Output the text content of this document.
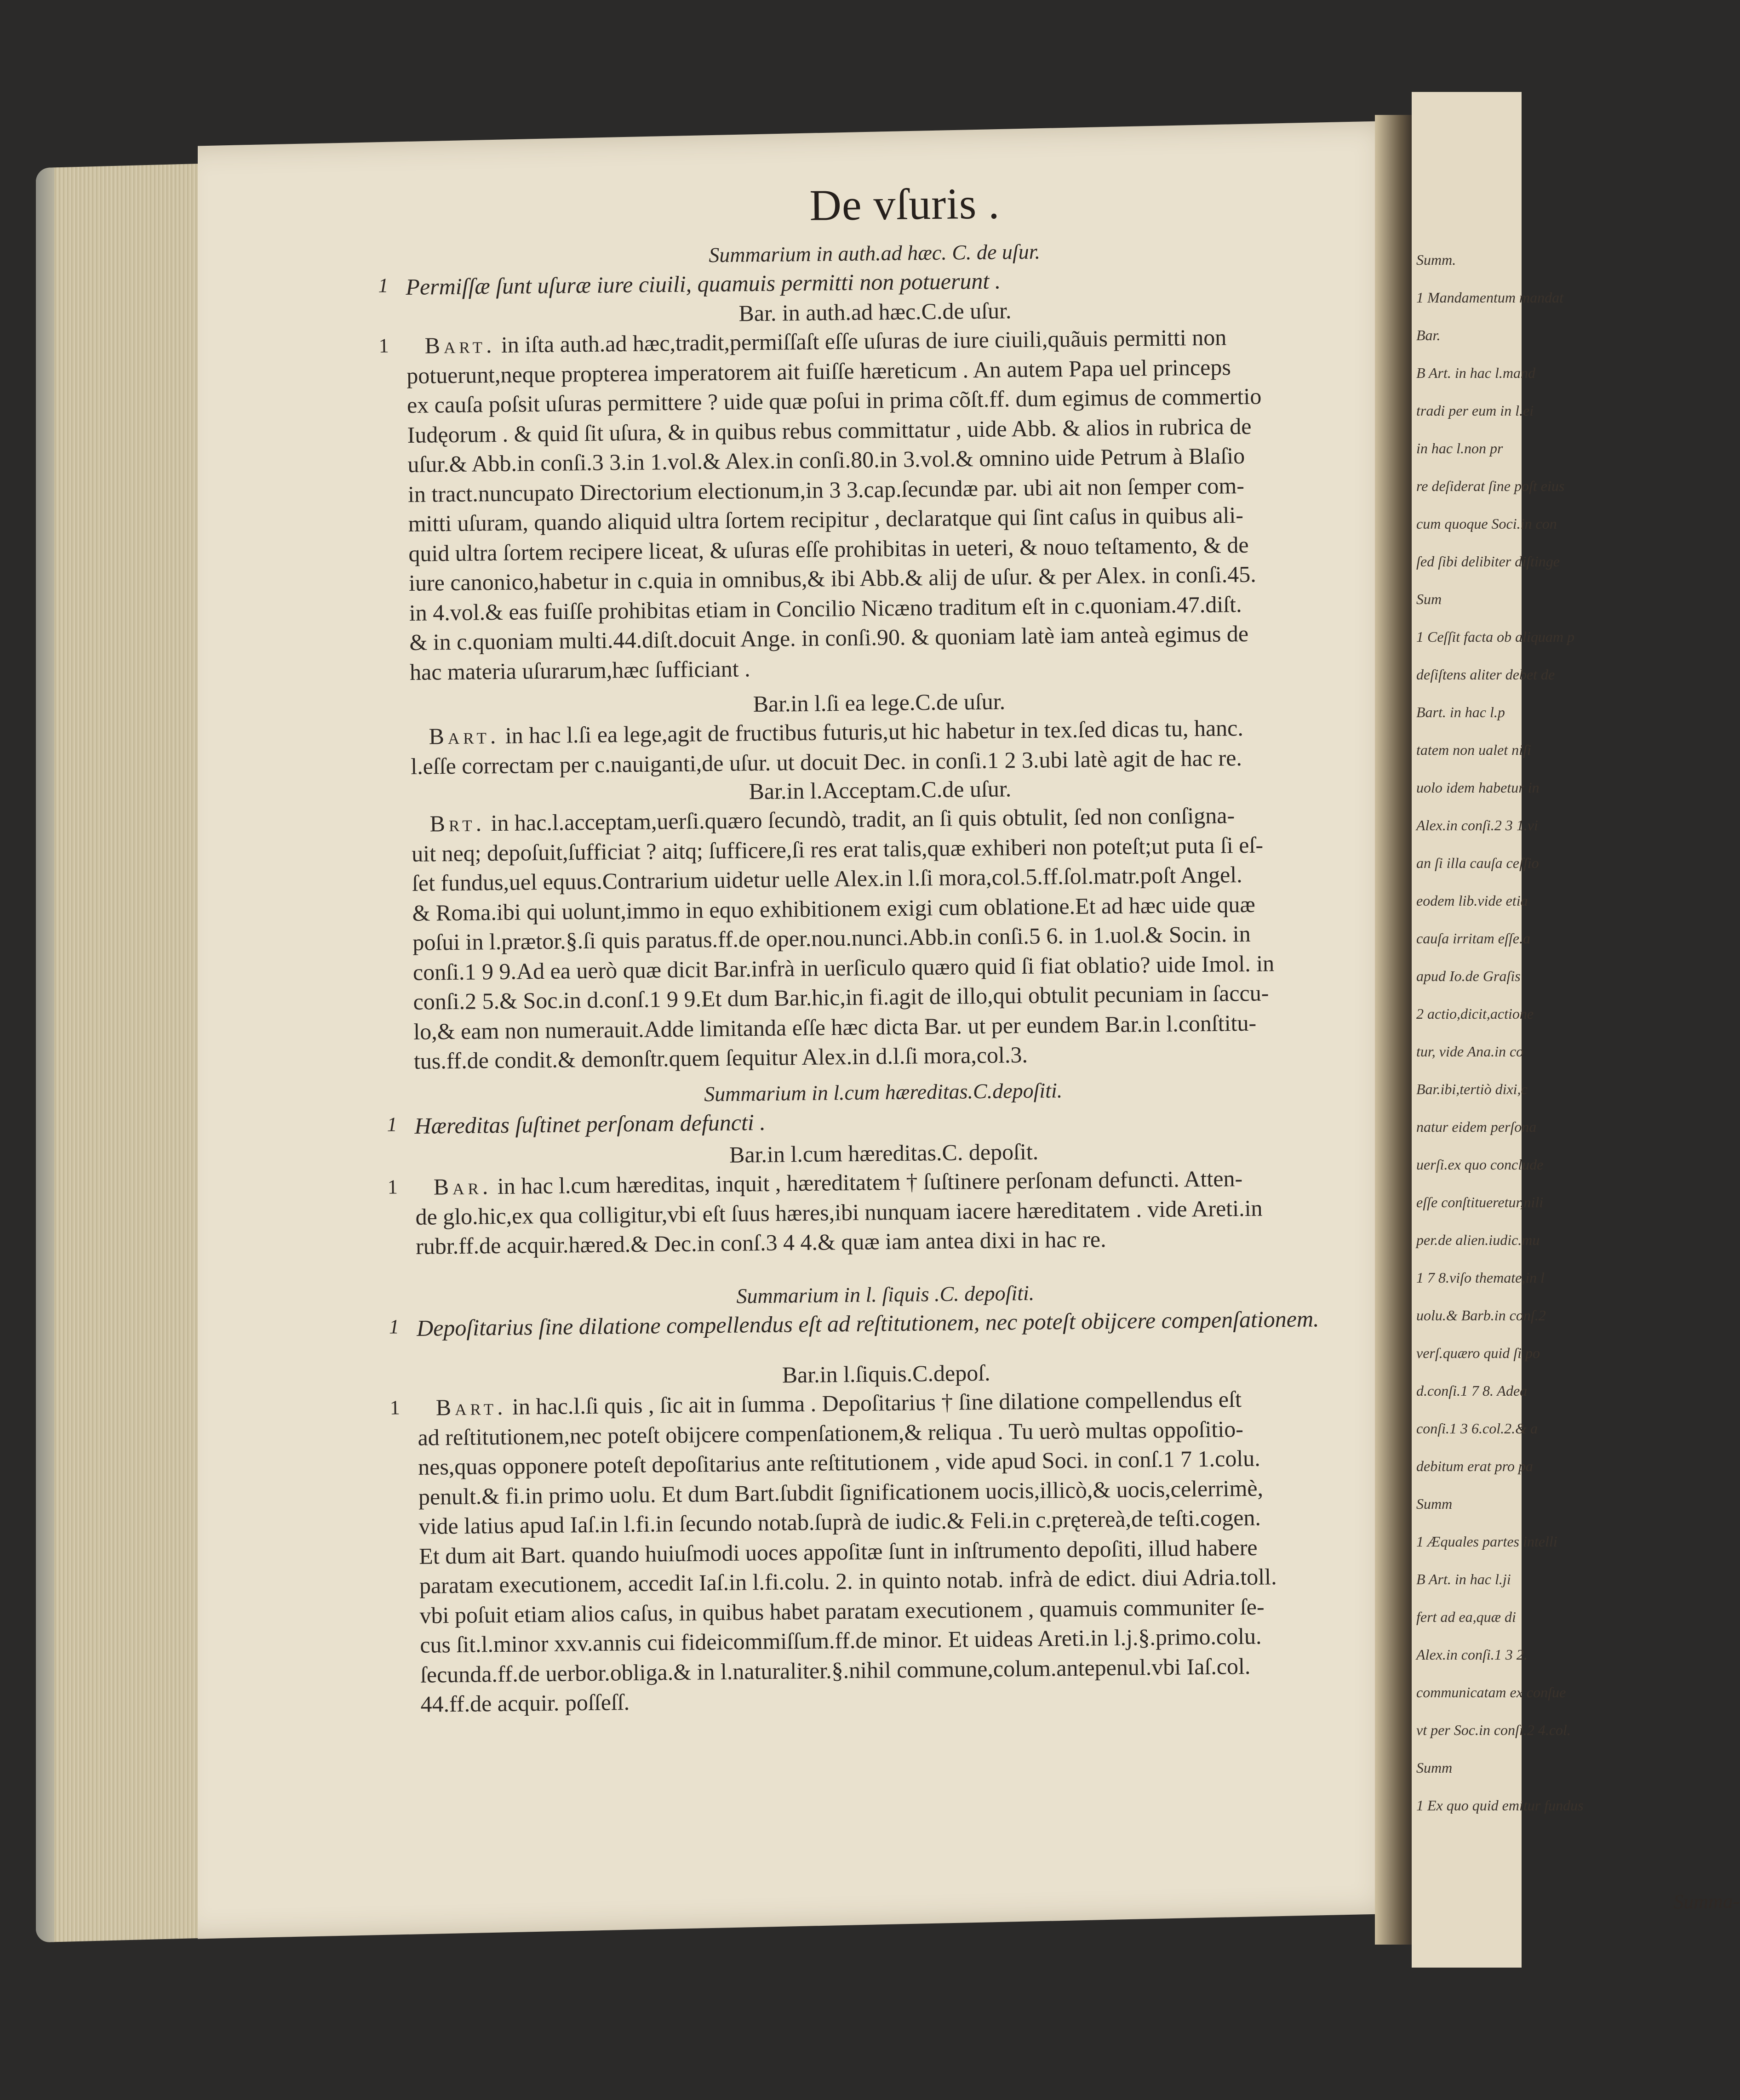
Summ.
1 Mandamentum mandat
Bar.
B Art. in hac l.mand
tradi per eum in l.ei
in hac l.non pr
re deſiderat ſine poſt eius
cum quoque Soci.in con
ſed ſibi delibiter diſtinge
Sum
1 Ceſſit facta ob aliquam p
deſiſtens aliter debet de
Bart. in hac l.p
tatem non ualet niſi
uolo idem habetur in
Alex.in conſi.2 3 1.vi
an ſi illa cauſa ceſſio
eodem lib.vide etia
cauſa irritam eſſe.a
apud Io.de Graſis
2 actio,dicit,actione
tur, vide Ana.in co
Bar.ibi,tertiò dixi,c
natur eidem perſona
uerſi.ex quo conclude
eſſe conſtitueretur,nili
per.de alien.iudic.mu
1 7 8.viſo themate,in l
uolu.& Barb.in conſ.2
verſ.quæro quid ſi po
d.conſi.1 7 8. Adea
conſi.1 3 6.col.2.& a
debitum erat pro pa
Summ
1 Æquales partes intelli
B Art. in hac l.ji
fert ad ea,quæ di
Alex.in conſi.1 3 2.
communicatam ex conſue
vt per Soc.in conſi.2 4.col.
Summ
1 Ex quo quid emitur fundus
De vſuris .
Summarium in auth.ad hæc. C. de uſur.
1 Permiſſæ ſunt uſuræ iure ciuili, quamuis permitti non potuerunt .
Bar. in auth.ad hæc.C.de uſur.
1	Bart. in iſta auth.ad hæc,tradit,permiſſaſt eſſe uſuras de iure ciuili,quãuis permitti non
potuerunt,neque propterea imperatorem ait fuiſſe hæreticum . An autem Papa uel princeps
ex cauſa poſsit uſuras permittere ? uide quæ poſui in prima cõſt.ff. dum egimus de commertio
Iudęorum . & quid ſit uſura, & in quibus rebus committatur , uide Abb. & alios in rubrica de
uſur.& Abb.in conſi.3 3.in 1.vol.& Alex.in conſi.80.in 3.vol.& omnino uide Petrum à Blaſio
in tract.nuncupato Directorium electionum,in 3 3.cap.ſecundæ par. ubi ait non ſemper com-
mitti uſuram, quando aliquid ultra ſortem recipitur , declaratque qui ſint caſus in quibus ali-
quid ultra ſortem recipere liceat, & uſuras eſſe prohibitas in ueteri, & nouo teſtamento, & de
iure canonico,habetur in c.quia in omnibus,& ibi Abb.& alij de uſur. & per Alex. in conſi.45.
in 4.vol.& eas fuiſſe prohibitas etiam in Concilio Nicæno traditum eſt in c.quoniam.47.diſt.
& in c.quoniam multi.44.diſt.docuit Ange. in conſi.90. & quoniam latè iam anteà egimus de
hac materia uſurarum,hæc ſufficiant .
Bar.in l.ſi ea lege.C.de uſur.
Bart. in hac l.ſi ea lege,agit de fructibus futuris,ut hic habetur in tex.ſed dicas tu, hanc.
l.eſſe correctam per c.nauiganti,de uſur. ut docuit Dec. in conſi.1 2 3.ubi latè agit de hac re.
Bar.in l.Acceptam.C.de uſur.
Brt. in hac.l.acceptam,uerſi.quæro ſecundò, tradit, an ſi quis obtulit, ſed non conſigna-
uit neq; depoſuit,ſufficiat ? aitq; ſufficere,ſi res erat talis,quæ exhiberi non poteſt;ut puta ſi eſ-
ſet fundus,uel equus.Contrarium uidetur uelle Alex.in l.ſi mora,col.5.ff.ſol.matr.poſt Angel.
& Roma.ibi qui uolunt,immo in equo exhibitionem exigi cum oblatione.Et ad hæc uide quæ
poſui in l.prætor.§.ſi quis paratus.ff.de oper.nou.nunci.Abb.in conſi.5 6. in 1.uol.& Socin. in
conſi.1 9 9.Ad ea uerò quæ dicit Bar.infrà in uerſiculo quæro quid ſi fiat oblatio? uide Imol. in
conſi.2 5.& Soc.in d.conſ.1 9 9.Et dum Bar.hic,in fi.agit de illo,qui obtulit pecuniam in ſaccu-
lo,& eam non numerauit.Adde limitanda eſſe hæc dicta Bar. ut per eundem Bar.in l.conſtitu-
tus.ff.de condit.& demonſtr.quem ſequitur Alex.in d.l.ſi mora,col.3.
Summarium in l.cum hæreditas.C.depoſiti.
1 Hæreditas ſuſtinet perſonam defuncti .
Bar.in l.cum hæreditas.C. depoſit.
1	Bar. in hac l.cum hæreditas, inquit , hæreditatem † ſuſtinere perſonam defuncti. Atten-
de glo.hic,ex qua colligitur,vbi eſt ſuus hæres,ibi nunquam iacere hæreditatem . vide Areti.in
rubr.ff.de acquir.hæred.& Dec.in conſ.3 4 4.& quæ iam antea dixi in hac re.
Summarium in l. ſiquis .C. depoſiti.
1 Depoſitarius ſine dilatione compellendus eſt ad reſtitutionem, nec poteſt obijcere compenſationem.
Bar.in l.ſiquis.C.depoſ.
1	Bart. in hac.l.ſi quis , ſic ait in ſumma . Depoſitarius † ſine dilatione compellendus eſt
ad reſtitutionem,nec poteſt obijcere compenſationem,& reliqua . Tu uerò multas oppoſitio-
nes,quas opponere poteſt depoſitarius ante reſtitutionem , vide apud Soci. in conſ.1 7 1.colu.
penult.& fi.in primo uolu. Et dum Bart.ſubdit ſignificationem uocis,illicò,& uocis,celerrimè,
vide latius apud Iaſ.in l.fi.in ſecundo notab.ſuprà de iudic.& Feli.in c.prętereà,de teſti.cogen.
Et dum ait Bart. quando huiuſmodi uoces appoſitæ ſunt in inſtrumento depoſiti, illud habere
paratam executionem, accedit Iaſ.in l.fi.colu. 2. in quinto notab. infrà de edict. diui Adria.toll.
vbi poſuit etiam alios caſus, in quibus habet paratam executionem , quamuis communiter ſe-
cus ſit.l.minor xxv.annis cui fideicommiſſum.ff.de minor. Et uideas Areti.in l.j.§.primo.colu.
ſecunda.ff.de uerbor.obliga.& in l.naturaliter.§.nihil commune,colum.antepenul.vbi Iaſ.col.
44.ff.de acquir. poſſeſſ.
Summa-
